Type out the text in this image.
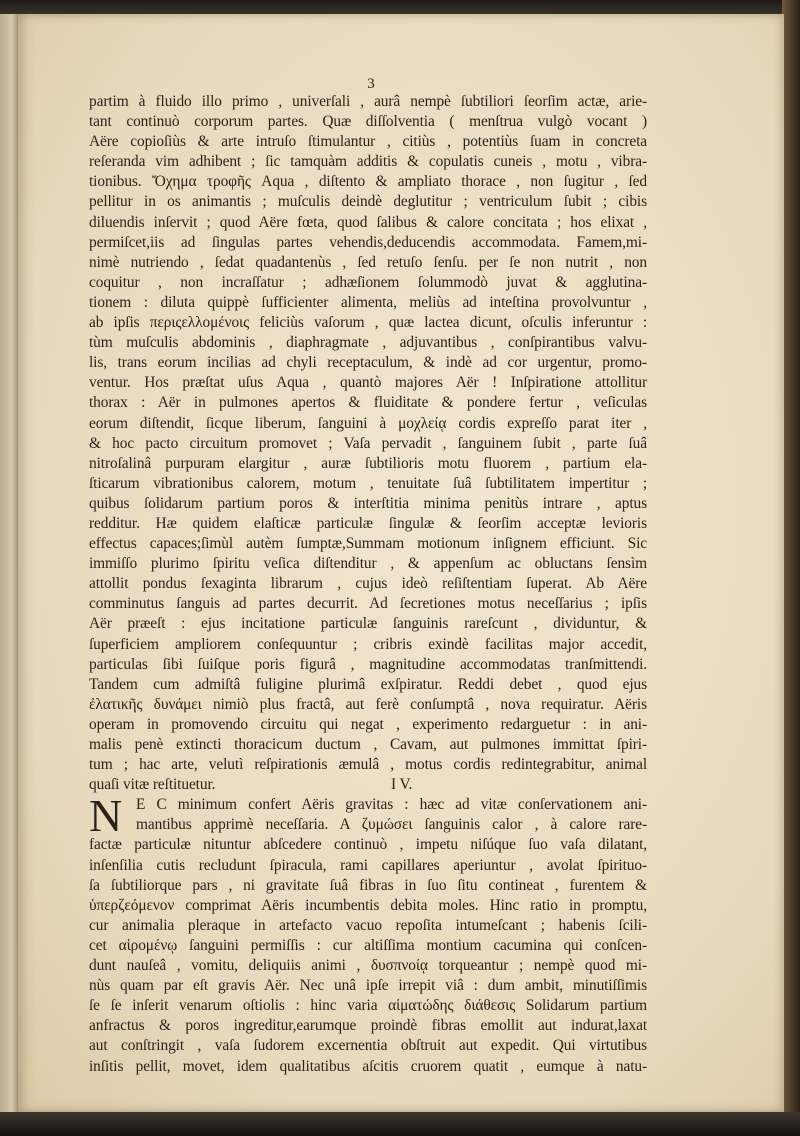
3
partim à fluido illo primo , univerſali , aurâ nempè ſubtiliori ſeorſim actæ, arie-
tant continuò corporum partes. Quæ diſſolventia ( menſtrua vulgò vocant )
Aëre copioſiùs & arte intruſo ſtimulantur , citiùs , potentiùs ſuam in concreta
reſeranda vim adhibent ; ſic tamquàm additis & copulatis cuneis , motu , vibra-
tionibus. Ὄχημα τροφῆς Aqua , diſtento & ampliato thorace , non ſugitur , ſed
pellitur in os animantis ; muſculis deindè deglutitur ; ventriculum ſubit ; cibis
diluendis inſervit ; quod Aëre fœta, quod ſalibus & calore concitata ; hos elixat ,
permiſcet,iis ad ſingulas partes vehendis,deducendis accommodata. Famem,mi-
nimè nutriendo , ſedat quadantenùs , ſed retuſo ſenſu. per ſe non nutrit , non
coquitur , non incraſſatur ; adhæſionem ſolummodò juvat & agglutina-
tionem : diluta quippè ſufficienter alimenta, meliùs ad inteſtina provolvuntur ,
ab ipſis περιςελλομένοις feliciùs vaſorum , quæ lactea dicunt, oſculis inferuntur :
tùm muſculis abdominis , diaphragmate , adjuvantibus , conſpirantibus valvu-
lis, trans eorum incilias ad chyli receptaculum, & indè ad cor urgentur, promo-
ventur. Hos præſtat uſus Aqua , quantò majores Aër ! Inſpiratione attollitur
thorax : Aër in pulmones apertos & fluiditate & pondere fertur , veſiculas
eorum diſtendit, ſicque liberum, ſanguini à μοχλείᾳ cordis expreſſo parat iter ,
& hoc pacto circuitum promovet ; Vaſa pervadit , ſanguinem ſubit , parte ſuâ
nitroſalinâ purpuram elargitur , auræ ſubtilioris motu fluorem , partium ela-
ſticarum vibrationibus calorem, motum , tenuitate ſuâ ſubtilitatem impertitur ;
quibus ſolidarum partium poros & interſtitia minima penitùs intrare , aptus
redditur. Hæ quidem elaſticæ particulæ ſingulæ & ſeorſim acceptæ levioris
effectus capaces;ſimùl autèm ſumptæ,Summam motionum inſignem efficiunt. Sic
immiſſo plurimo ſpiritu veſica diſtenditur , & appenſum ac obluctans ſensìm
attollit pondus ſexaginta librarum , cujus ideò reſiſtentiam ſuperat. Ab Aëre
comminutus ſanguis ad partes decurrit. Ad ſecretiones motus neceſſarius ; ipſis
Aër præeſt : ejus incitatione particulæ ſanguinis rareſcunt , dividuntur, &
ſuperficiem ampliorem conſequuntur ; cribris exindè facilitas major accedit,
particulas ſibi ſuiſque poris figurâ , magnitudine accommodatas tranſmittendi.
Tandem cum admiſtâ fuligine plurimâ exſpiratur. Reddi debet , quod ejus
ἐλατικῆς δυνάμει nimiò plus fractâ, aut ferè conſumptâ , nova requiratur. Aëris
operam in promovendo circuitu qui negat , experimento redarguetur : in ani-
malis penè extincti thoracicum ductum , Cavam, aut pulmones immittat ſpiri-
tum ; hac arte, velutì reſpirationis æmulâ , motus cordis redintegrabitur, animal
quaſi vitæ reſtituetur.	I V.
N E C minimum confert Aëris gravitas : hæc ad vitæ conſervationem ani-
mantibus apprimè neceſſaria. A ζυμώσει ſanguinis calor , à calore rare-
factæ particulæ nituntur abſcedere continuò , impetu niſúque ſuo vaſa dilatant,
inſenſilia cutis recludunt ſpiracula, rami capillares aperiuntur , avolat ſpirituo-
ſa ſubtiliorque pars , ni gravitate ſuâ fibras in ſuo ſitu contineat , furentem &
ὑπερζεόμενον comprimat Aëris incumbentis debita moles. Hinc ratio in promptu,
cur animalia pleraque in artefacto vacuo repoſita intumeſcant ; habenis ſcili-
cet αἱρομένῳ ſanguini permiſſis : cur altiſſima montium cacumina qui conſcen-
dunt nauſeâ , vomitu, deliquiis animi , δυσπνοίᾳ torqueantur ; nempè quod mi-
nùs quam par eſt gravis Aër. Nec unâ ipſe irrepit viâ : dum ambit, minutiſſimis
ſe ſe inſerit venarum oſtiolis : hinc varia αἱματώδης διάθεσις Solidarum partium
anfractus & poros ingreditur,earumque proindè fibras emollit aut indurat,laxat
aut conſtringit , vaſa ſudorem excernentia obſtruit aut expedit. Qui virtutibus
inſitis pellit, movet, idem qualitatibus aſcitis cruorem quatit , eumque à natu-
